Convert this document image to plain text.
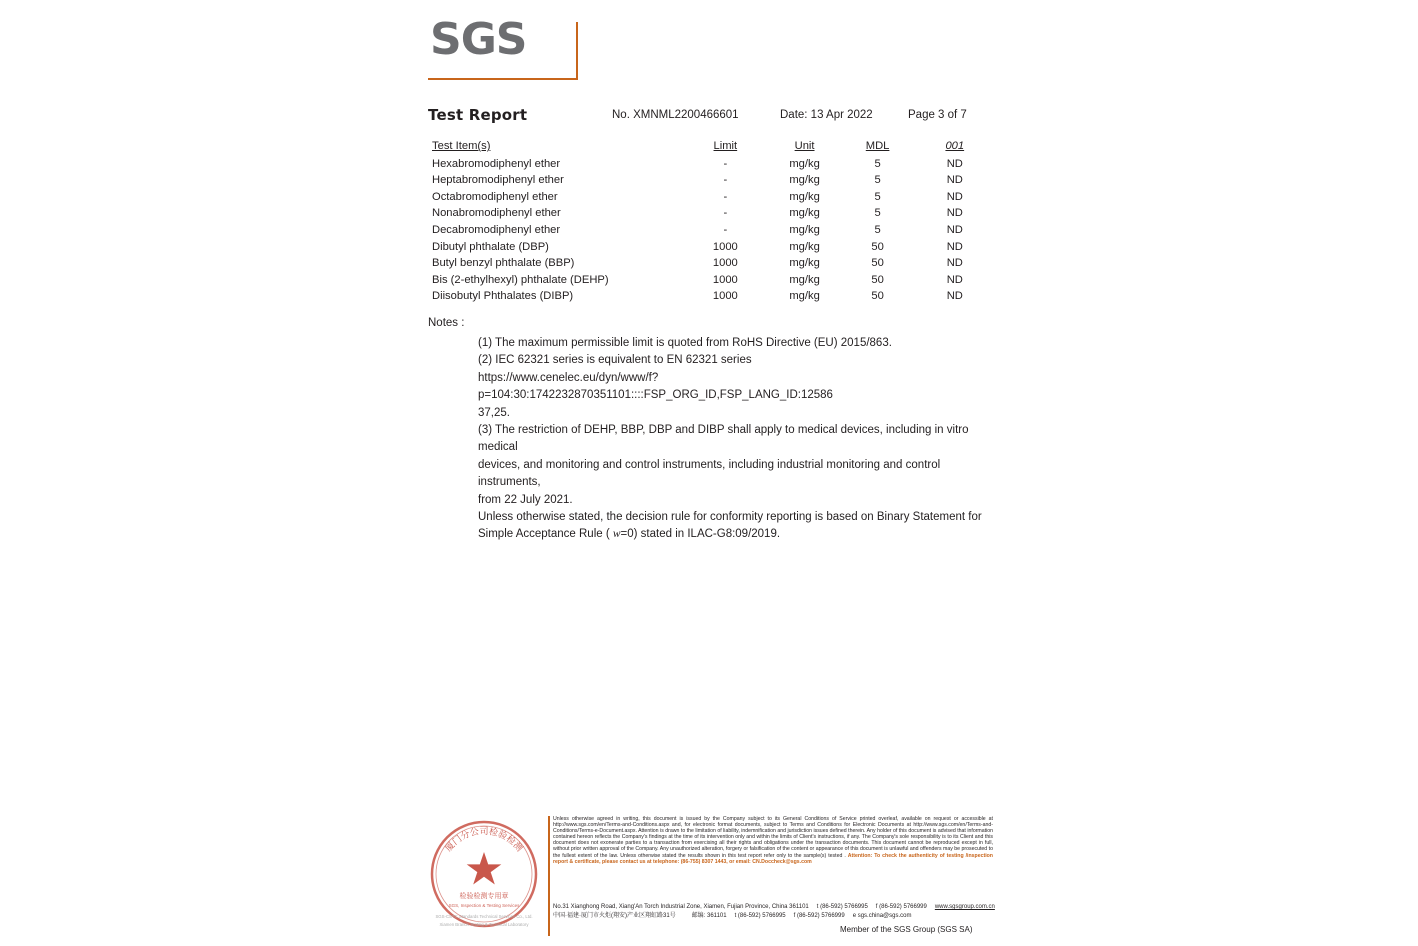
SGS
Test Report	No. XMNML2200466601	Date: 13 Apr 2022	Page 3 of 7
Test Item(s)	Limit	Unit	MDL	001
Hexabromodiphenyl ether	-	mg/kg	5	ND
Heptabromodiphenyl ether	-	mg/kg	5	ND
Octabromodiphenyl ether	-	mg/kg	5	ND
Nonabromodiphenyl ether	-	mg/kg	5	ND
Decabromodiphenyl ether	-	mg/kg	5	ND
Dibutyl phthalate (DBP)	1000	mg/kg	50	ND
Butyl benzyl phthalate (BBP)	1000	mg/kg	50	ND
Bis (2-ethylhexyl) phthalate (DEHP)	1000	mg/kg	50	ND
Diisobutyl Phthalates (DIBP)	1000	mg/kg	50	ND
Notes :

(1) The maximum permissible limit is quoted from RoHS Directive (EU) 2015/863.

(2) IEC 62321 series is equivalent to EN 62321 series

https://www.cenelec.eu/dyn/www/f?p=104:30:1742232870351101::::FSP_ORG_ID,FSP_LANG_ID:12586

37,25.

(3) The restriction of DEHP, BBP, DBP and DIBP shall apply to medical devices, including in vitro medical

devices, and monitoring and control instruments, including industrial monitoring and control instruments,

from 22 July 2021.

Unless otherwise stated, the decision rule for conformity reporting is based on Binary Statement for

Simple Acceptance Rule ( w=0) stated in ILAC-G8:09/2019.

厦门分公司检验检测
检验检测专用章
SGS, Inspection & Testing Services
SGS-CSTC Standards Technical Services Co., Ltd.
Xiamen Branch Testing & Technical Laboratory
Unless otherwise agreed in writing, this document is issued by the Company subject to its General Conditions of Service printed overleaf, available on request or accessible at http://www.sgs.com/en/Terms-and-Conditions.aspx and, for electronic format documents, subject to Terms and Conditions for Electronic Documents at http://www.sgs.com/en/Terms-and-Conditions/Terms-e-Document.aspx. Attention is drawn to the limitation of liability, indemnification and jurisdiction issues defined therein. Any holder of this document is advised that information contained hereon reflects the Company's findings at the time of its intervention only and within the limits of Client's instructions, if any. The Company's sole responsibility is to its Client and this document does not exonerate parties to a transaction from exercising all their rights and obligations under the transaction documents. This document cannot be reproduced except in full, without prior written approval of the Company. Any unauthorized alteration, forgery or falsification of the content or appearance of this document is unlawful and offenders may be prosecuted to the fullest extent of the law. Unless otherwise stated the results shown in this test report refer only to the sample(s) tested . Attention: To check the authenticity of testing /inspection report & certificate, please contact us at telephone: (86-755) 8307 1443, or email: CN.Doccheck@sgs.com
No.31 Xianghong Road, Xiang'An Torch Industrial Zone, Xiamen, Fujian Province, China 361101 t (86-592) 5766995 f (86-592) 5766999 www.sgsgroup.com.cn
中国·福建·厦门市火炬(翔安)产业区翔虹路31号	邮编: 361101 t (86-592) 5766995 f (86-592) 5766999 e sgs.china@sgs.com
Member of the SGS Group (SGS SA)
